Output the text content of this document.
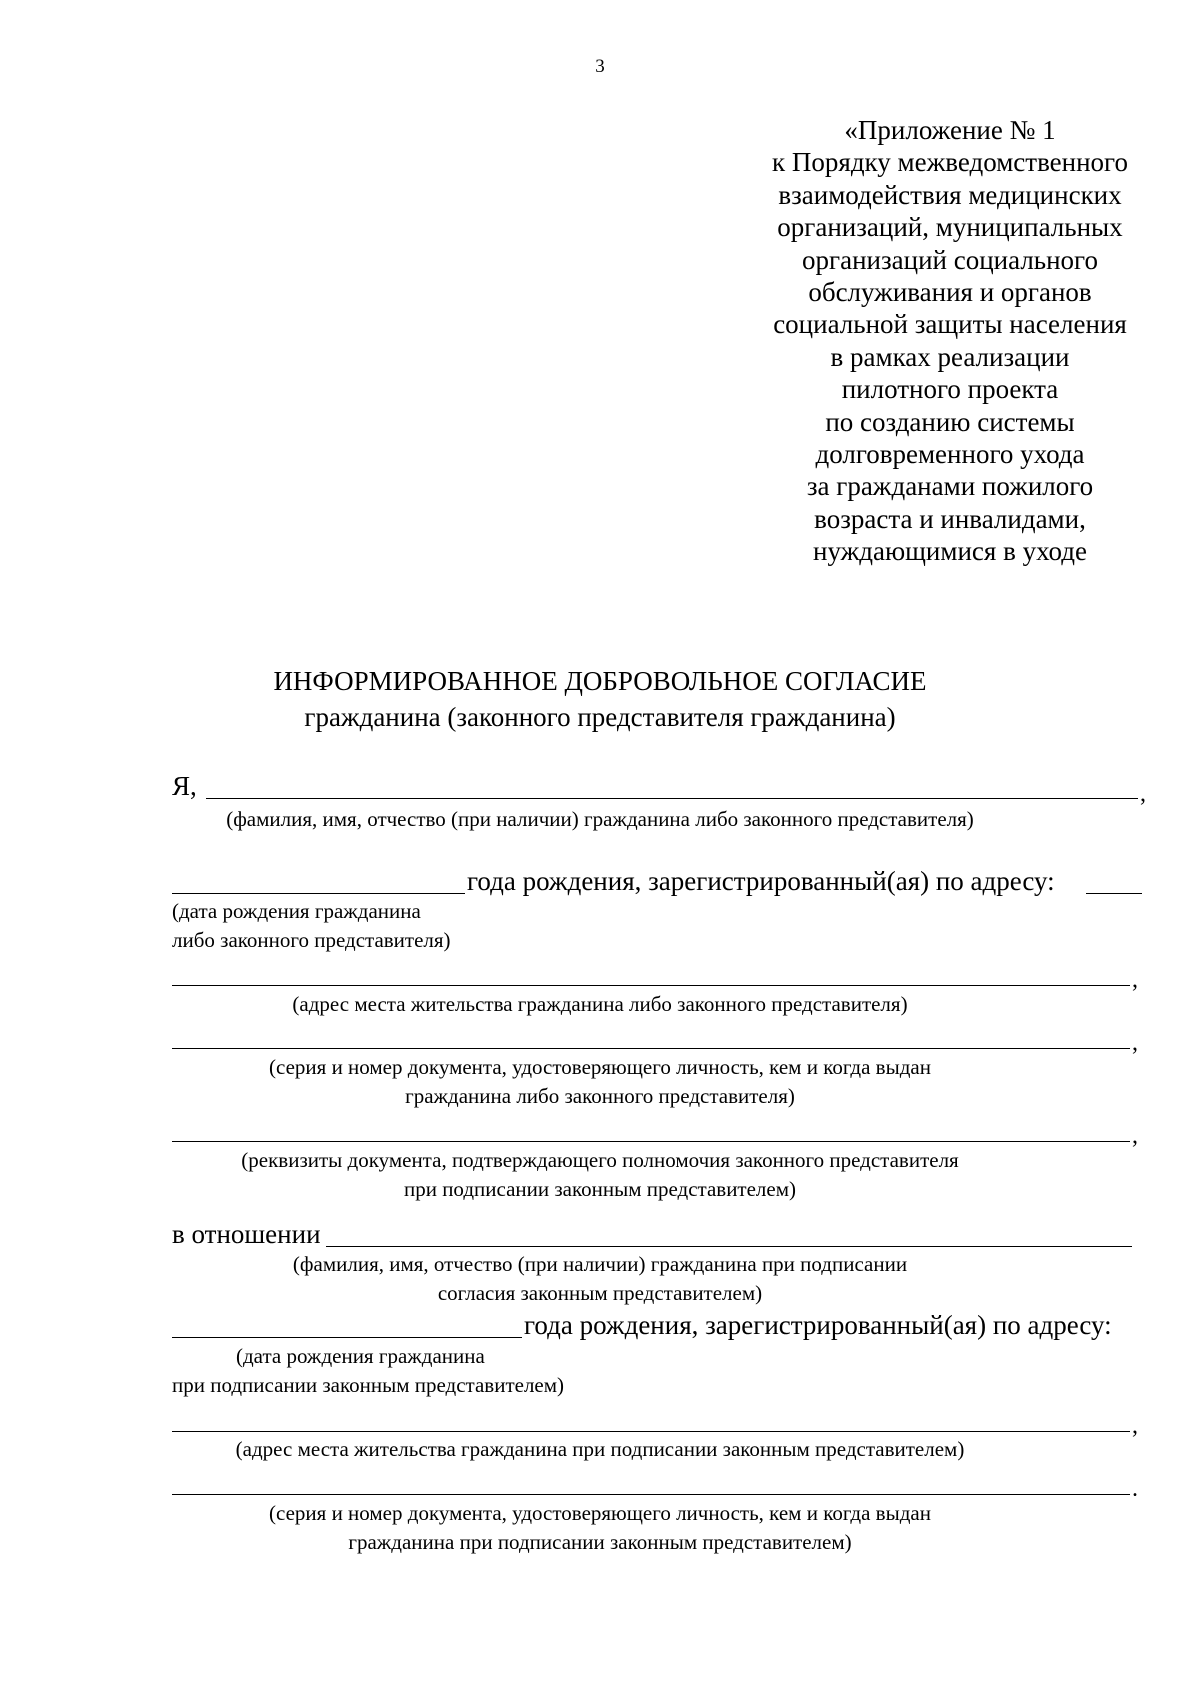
3
«Приложение № 1
к Порядку межведомственного
взаимодействия медицинских
организаций, муниципальных
организаций социального
обслуживания и органов
социальной защиты населения
в рамках реализации
пилотного проекта
по созданию системы
долговременного ухода
за гражданами пожилого
возраста и инвалидами,
нуждающимися в уходе
ИНФОРМИРОВАННОЕ ДОБРОВОЛЬНОЕ СОГЛАСИЕ
гражданина (законного представителя гражданина)
Я,	,
(фамилия, имя, отчество (при наличии) гражданина либо законного представителя)
года рождения, зарегистрированный(ая) по адресу:
(дата рождения гражданина
либо законного представителя)
,
(адрес места жительства гражданина либо законного представителя)
,
(серия и номер документа, удостоверяющего личность, кем и когда выдан
гражданина либо законного представителя)
,
(реквизиты документа, подтверждающего полномочия законного представителя
при подписании законным представителем)
в отношении
(фамилия, имя, отчество (при наличии) гражданина при подписании
согласия законным представителем)
года рождения, зарегистрированный(ая) по адресу:
(дата рождения гражданина
при подписании законным представителем)
,
(адрес места жительства гражданина при подписании законным представителем)
.
(серия и номер документа, удостоверяющего личность, кем и когда выдан
гражданина при подписании законным представителем)
